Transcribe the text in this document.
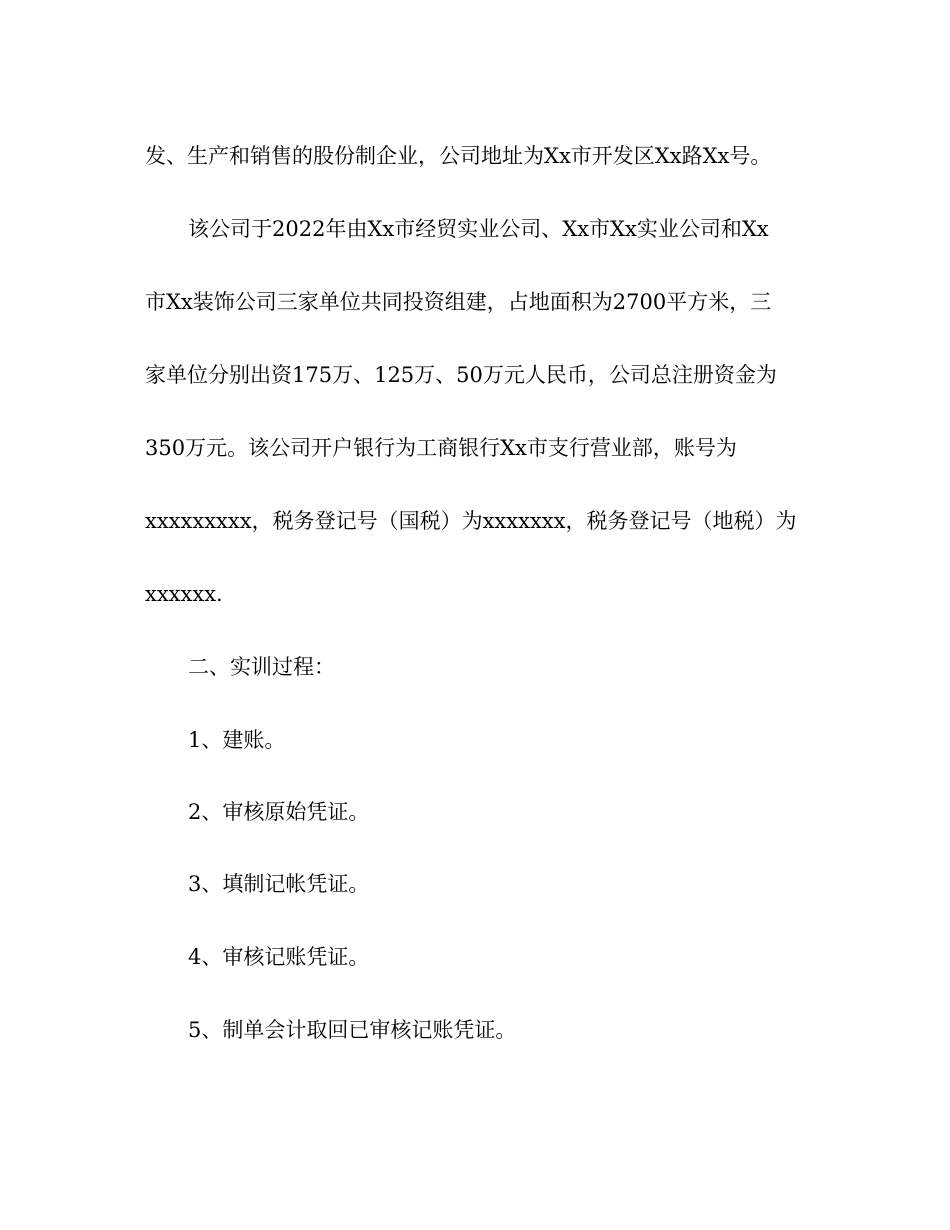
发、生产和销售的股份制企业，公司地址为Xx市开发区Xx路Xx号。
该公司于2022年由Xx市经贸实业公司、Xx市Xx实业公司和Xx
市Xx装饰公司三家单位共同投资组建，占地面积为2700平方米，三
家单位分别出资175万、125万、50万元人民币，公司总注册资金为
350万元。该公司开户银行为工商银行Xx市支行营业部，账号为
xxxxxxxxx，税务登记号（国税）为xxxxxxx，税务登记号（地税）为
xxxxxx.
二、实训过程：
1、建账。
2、审核原始凭证。
3、填制记帐凭证。
4、审核记账凭证。
5、制单会计取回已审核记账凭证。
